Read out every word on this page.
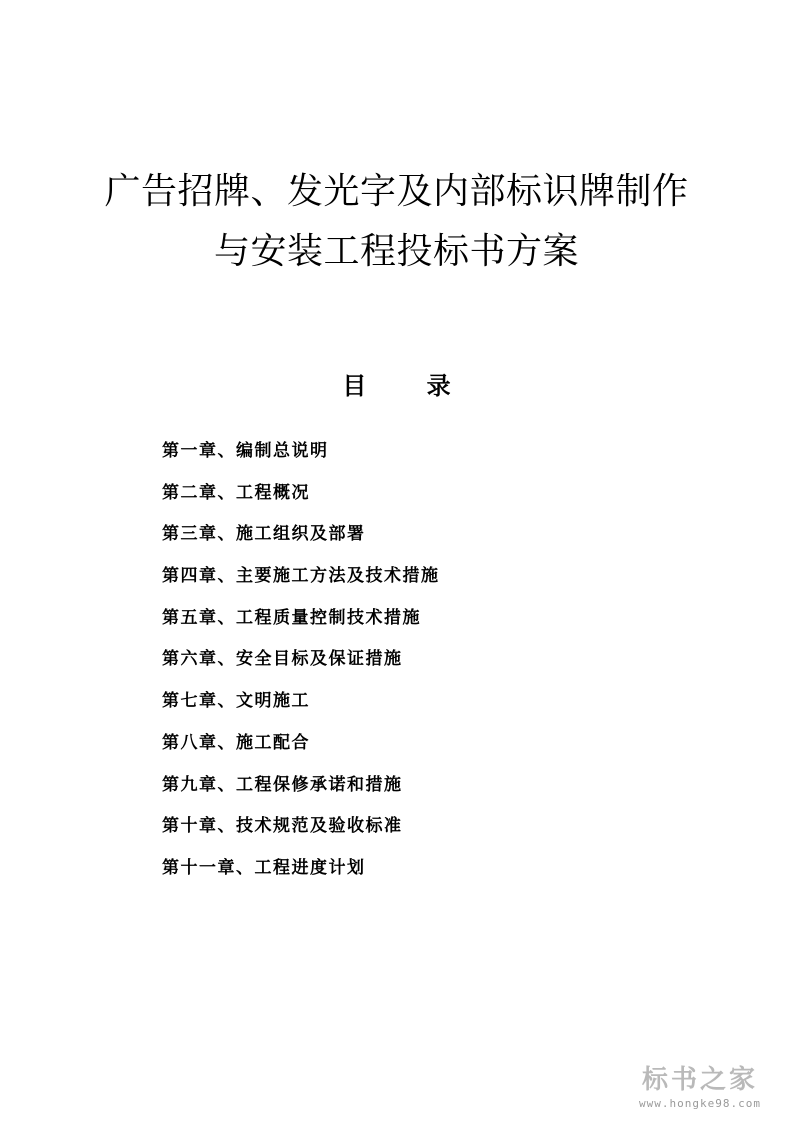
广告招牌、发光字及内部标识牌制作
与安装工程投标书方案
目 录
第一章、编制总说明
第二章、工程概况
第三章、施工组织及部署
第四章、主要施工方法及技术措施
第五章、工程质量控制技术措施
第六章、安全目标及保证措施
第七章、文明施工
第八章、施工配合
第九章、工程保修承诺和措施
第十章、技术规范及验收标准
第十一章、工程进度计划
标书之家
www.hongke98.com
